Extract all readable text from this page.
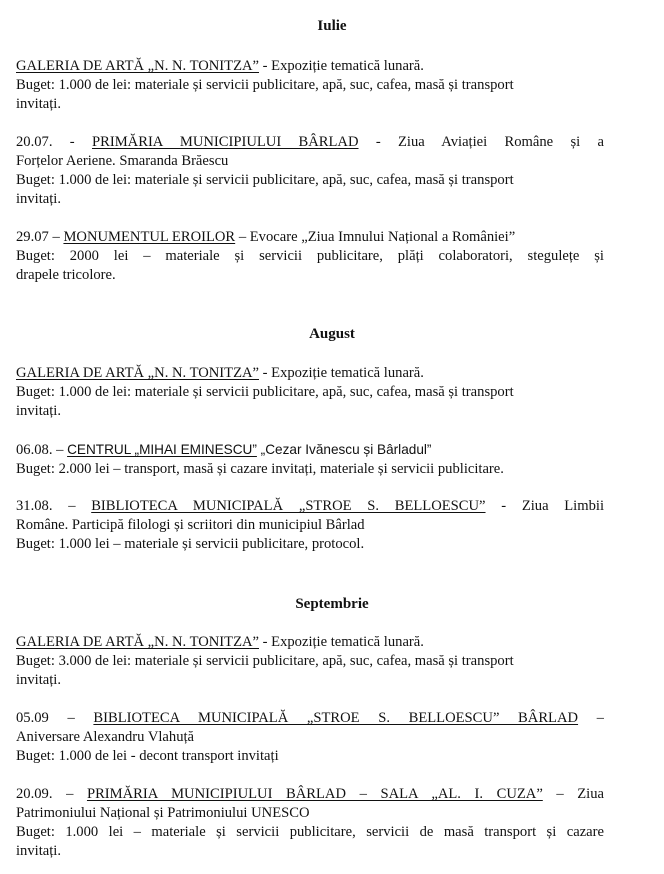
Iulie
GALERIA DE ARTĂ „N. N. TONITZA” - Expoziție tematică lunară.
Buget: 1.000 de lei: materiale și servicii publicitare, apă, suc, cafea, masă și transport
invitați.
20.07. - PRIMĂRIA MUNICIPIULUI BÂRLAD - Ziua Aviației Române și a
Forțelor Aeriene. Smaranda Brăescu
Buget: 1.000 de lei: materiale și servicii publicitare, apă, suc, cafea, masă și transport
invitați.
29.07 – MONUMENTUL EROILOR – Evocare „Ziua Imnului Național a României”
Buget: 2000 lei – materiale și servicii publicitare, plăți colaboratori, stegulețe și
drapele tricolore.
August
GALERIA DE ARTĂ „N. N. TONITZA” - Expoziție tematică lunară.
Buget: 1.000 de lei: materiale și servicii publicitare, apă, suc, cafea, masă și transport
invitați.
06.08. – CENTRUL „MIHAI EMINESCU” „Cezar Ivănescu și Bârladul”
Buget: 2.000 lei – transport, masă și cazare invitați, materiale și servicii publicitare.
31.08. – BIBLIOTECA MUNICIPALĂ „STROE S. BELLOESCU” - Ziua Limbii
Române. Participă filologi și scriitori din municipiul Bârlad
Buget: 1.000 lei – materiale și servicii publicitare, protocol.
Septembrie
GALERIA DE ARTĂ „N. N. TONITZA” - Expoziție tematică lunară.
Buget: 3.000 de lei: materiale și servicii publicitare, apă, suc, cafea, masă și transport
invitați.
05.09 – BIBLIOTECA MUNICIPALĂ „STROE S. BELLOESCU” BÂRLAD –
Aniversare Alexandru Vlahuță
Buget: 1.000 de lei - decont transport invitați
20.09. – PRIMĂRIA MUNICIPIULUI BÂRLAD – SALA „AL. I. CUZA” – Ziua
Patrimoniului Național și Patrimoniului UNESCO
Buget: 1.000 lei – materiale și servicii publicitare, servicii de masă transport și cazare
invitați.
